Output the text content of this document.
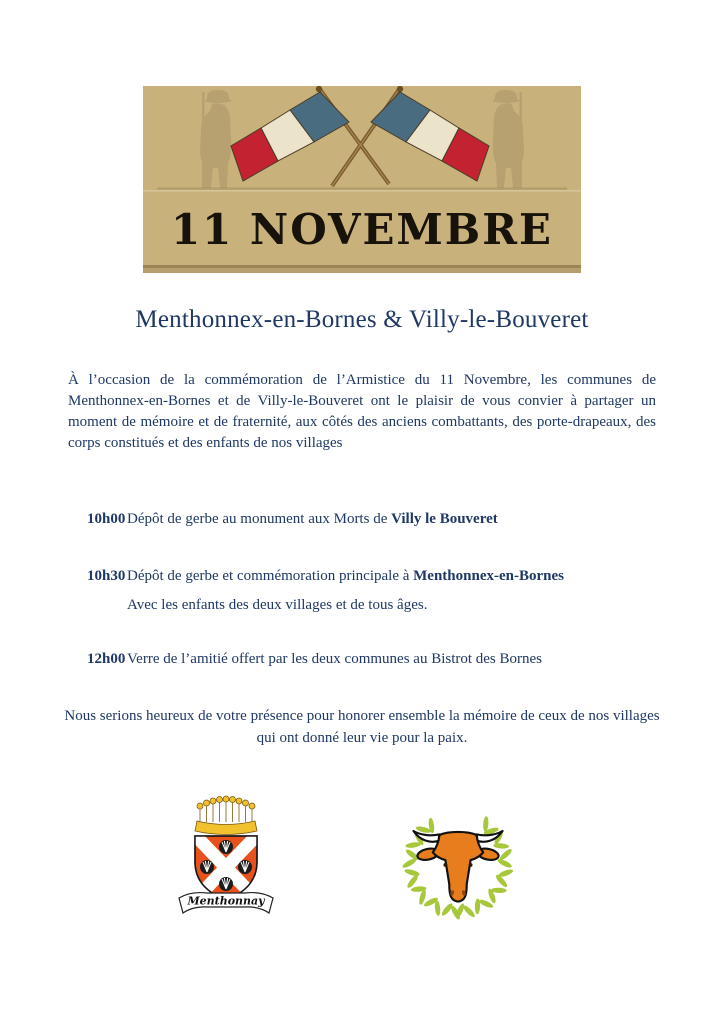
11 NOVEMBRE
Menthonnex-en-Bornes & Villy-le-Bouveret

À l’occasion de la commémoration de l’Armistice du 11 Novembre, les communes de Menthonnex-en-Bornes et de Villy-le-Bouveret ont le plaisir de vous convier à partager un moment de mémoire et de fraternité, aux côtés des anciens combattants, des porte-drapeaux, des corps constitués et des enfants de nos villages

10h00 Dépôt de gerbe au monument aux Morts de Villy le Bouveret
10h30 Dépôt de gerbe et commémoration principale à Menthonnex-en-Bornes
Avec les enfants des deux villages et de tous âges.
12h00 Verre de l’amitié offert par les deux communes au Bistrot des Bornes

Nous serions heureux de votre présence pour honorer ensemble la mémoire de ceux de nos villages qui ont donné leur vie pour la paix.

Menthonnay
